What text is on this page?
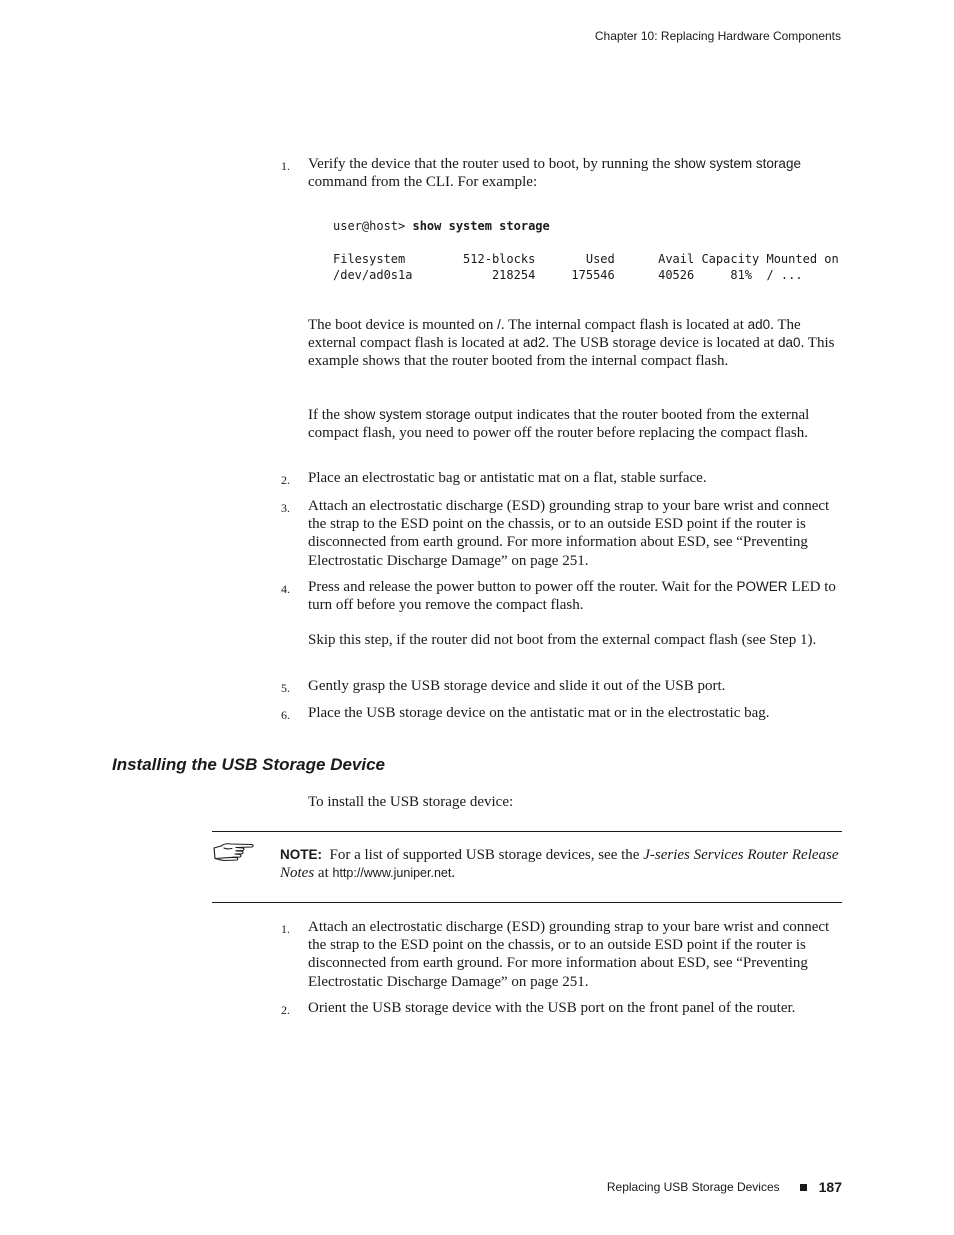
Chapter 10: Replacing Hardware Components
1. Verify the device that the router used to boot, by running the show system storage command from the CLI. For example:
user@host> show system storage
Filesystem        512-blocks       Used      Avail Capacity Mounted on
/dev/ad0s1a           218254     175546      40526     81%  / ...
The boot device is mounted on /. The internal compact flash is located at ad0. The external compact flash is located at ad2. The USB storage device is located at da0. This example shows that the router booted from the internal compact flash.
If the show system storage output indicates that the router booted from the external compact flash, you need to power off the router before replacing the compact flash.
2. Place an electrostatic bag or antistatic mat on a flat, stable surface.
3. Attach an electrostatic discharge (ESD) grounding strap to your bare wrist and connect the strap to the ESD point on the chassis, or to an outside ESD point if the router is disconnected from earth ground. For more information about ESD, see “Preventing Electrostatic Discharge Damage” on page 251.
4. Press and release the power button to power off the router. Wait for the POWER LED to turn off before you remove the compact flash.
Skip this step, if the router did not boot from the external compact flash (see Step 1).
5. Gently grasp the USB storage device and slide it out of the USB port.
6. Place the USB storage device on the antistatic mat or in the electrostatic bag.
Installing the USB Storage Device
To install the USB storage device:
NOTE: For a list of supported USB storage devices, see the J-series Services Router Release Notes at http://www.juniper.net.
1. Attach an electrostatic discharge (ESD) grounding strap to your bare wrist and connect the strap to the ESD point on the chassis, or to an outside ESD point if the router is disconnected from earth ground. For more information about ESD, see “Preventing Electrostatic Discharge Damage” on page 251.
2. Orient the USB storage device with the USB port on the front panel of the router.
Replacing USB Storage Devices	187
